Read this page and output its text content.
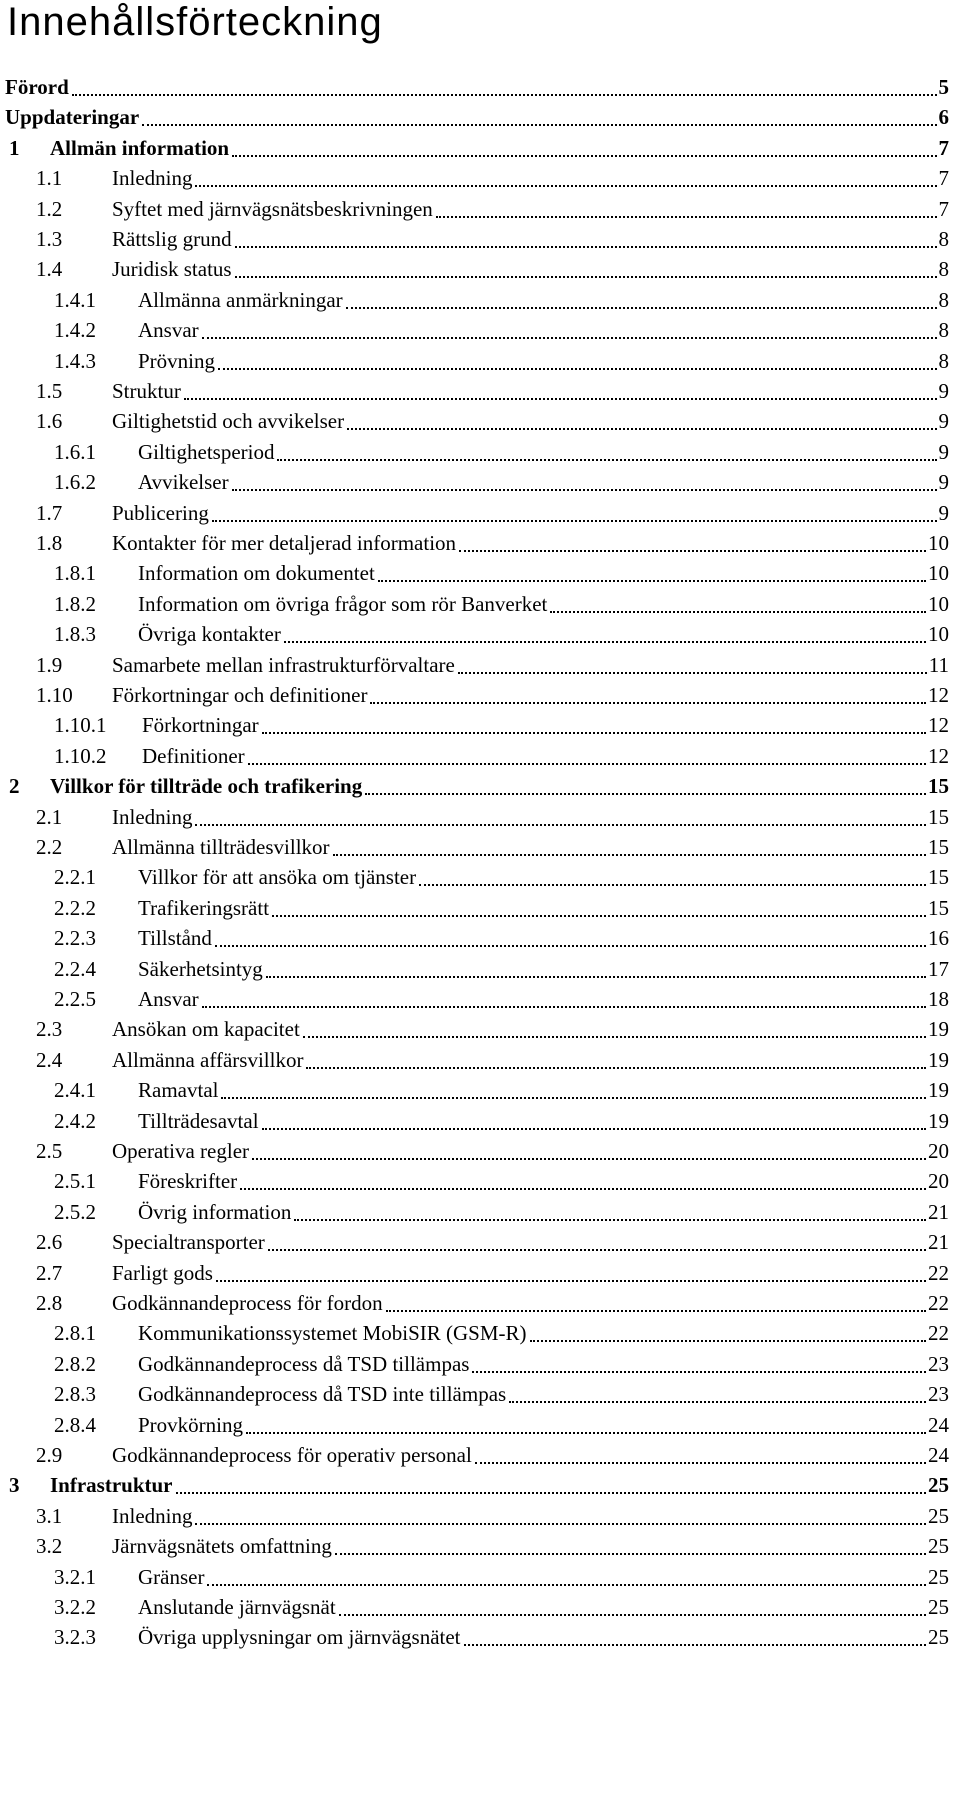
Innehållsförteckning
Förord	5
Uppdateringar	6
1 Allmän information	7
1.1 Inledning	7
1.2 Syftet med järnvägsnätsbeskrivningen	7
1.3 Rättslig grund	8
1.4 Juridisk status	8
1.4.1 Allmänna anmärkningar	8
1.4.2 Ansvar	8
1.4.3 Prövning	8
1.5 Struktur	9
1.6 Giltighetstid och avvikelser	9
1.6.1 Giltighetsperiod	9
1.6.2 Avvikelser	9
1.7 Publicering	9
1.8 Kontakter för mer detaljerad information	10
1.8.1 Information om dokumentet	10
1.8.2 Information om övriga frågor som rör Banverket	10
1.8.3 Övriga kontakter	10
1.9 Samarbete mellan infrastrukturförvaltare	11
1.10 Förkortningar och definitioner	12
1.10.1 Förkortningar	12
1.10.2 Definitioner	12
2 Villkor för tillträde och trafikering	15
2.1 Inledning	15
2.2 Allmänna tillträdesvillkor	15
2.2.1 Villkor för att ansöka om tjänster	15
2.2.2 Trafikeringsrätt	15
2.2.3 Tillstånd	16
2.2.4 Säkerhetsintyg	17
2.2.5 Ansvar	18
2.3 Ansökan om kapacitet	19
2.4 Allmänna affärsvillkor	19
2.4.1 Ramavtal	19
2.4.2 Tillträdesavtal	19
2.5 Operativa regler	20
2.5.1 Föreskrifter	20
2.5.2 Övrig information	21
2.6 Specialtransporter	21
2.7 Farligt gods	22
2.8 Godkännandeprocess för fordon	22
2.8.1 Kommunikationssystemet MobiSIR (GSM-R)	22
2.8.2 Godkännandeprocess då TSD tillämpas	23
2.8.3 Godkännandeprocess då TSD inte tillämpas	23
2.8.4 Provkörning	24
2.9 Godkännandeprocess för operativ personal	24
3 Infrastruktur	25
3.1 Inledning	25
3.2 Järnvägsnätets omfattning	25
3.2.1 Gränser	25
3.2.2 Anslutande järnvägsnät	25
3.2.3 Övriga upplysningar om järnvägsnätet	25
